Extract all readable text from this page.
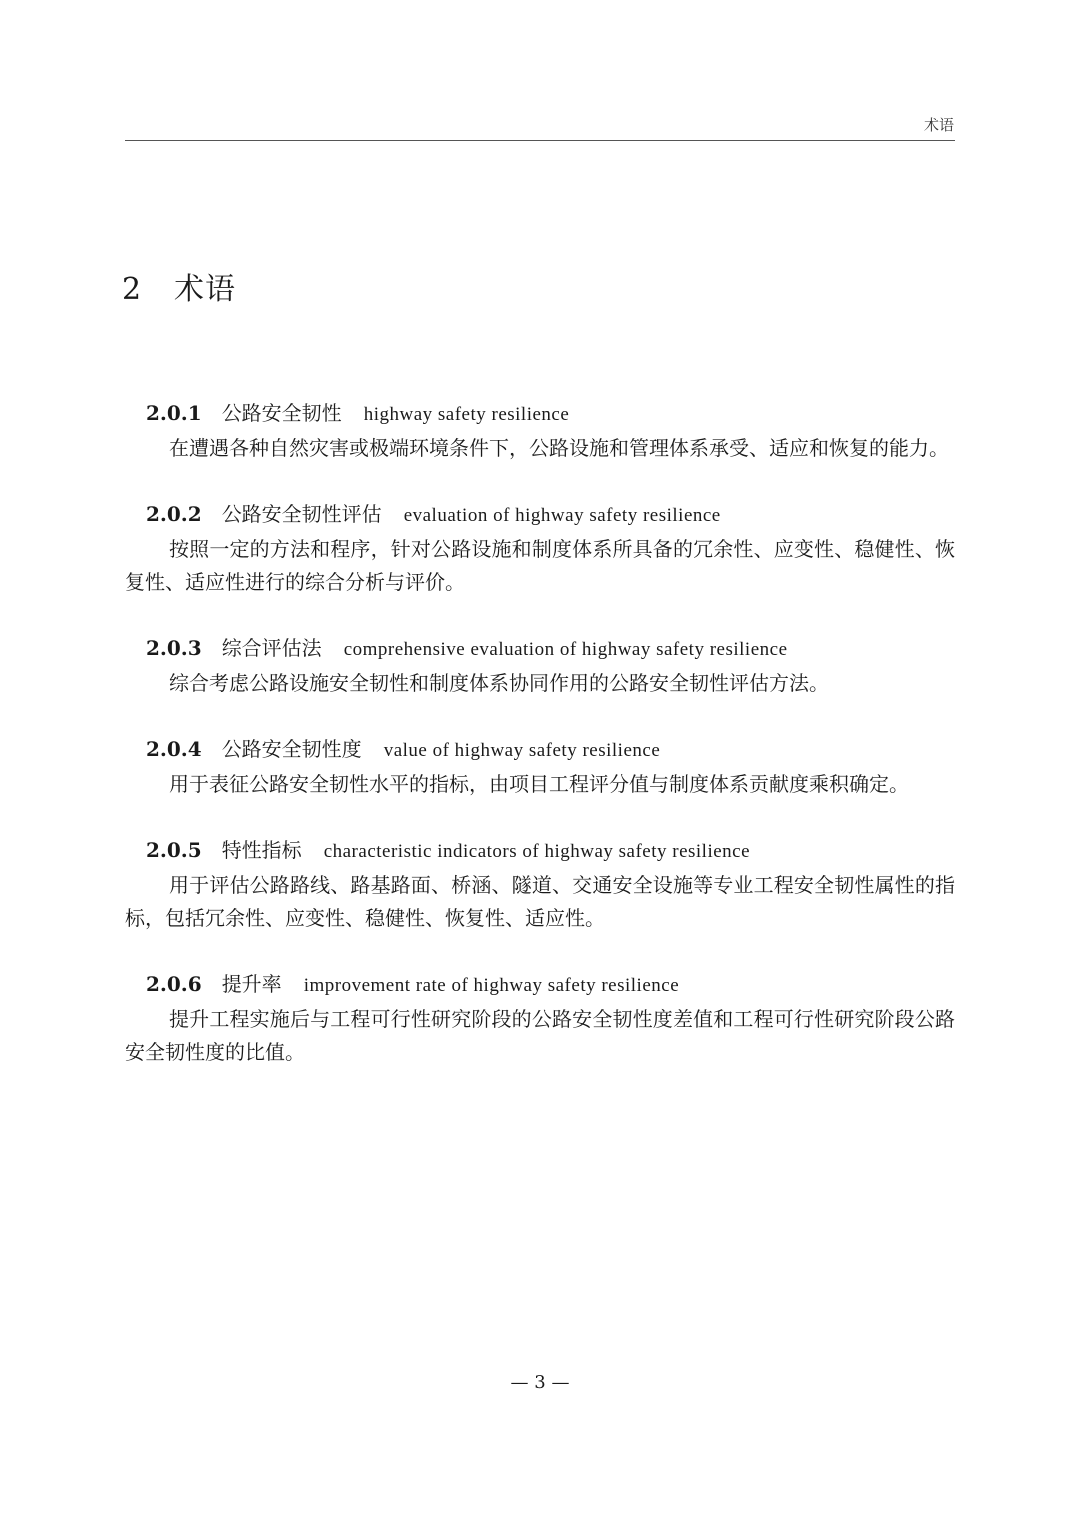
术语
2 术语
2.0.1 公路安全韧性 highway safety resilience
在遭遇各种自然灾害或极端环境条件下，公路设施和管理体系承受、适应和恢复的能力。
2.0.2 公路安全韧性评估 evaluation of highway safety resilience
按照一定的方法和程序，针对公路设施和制度体系所具备的冗余性、应变性、稳健性、恢复性、适应性进行的综合分析与评价。
2.0.3 综合评估法 comprehensive evaluation of highway safety resilience
综合考虑公路设施安全韧性和制度体系协同作用的公路安全韧性评估方法。
2.0.4 公路安全韧性度 value of highway safety resilience
用于表征公路安全韧性水平的指标，由项目工程评分值与制度体系贡献度乘积确定。
2.0.5 特性指标 characteristic indicators of highway safety resilience
用于评估公路路线、路基路面、桥涵、隧道、交通安全设施等专业工程安全韧性属性的指标，包括冗余性、应变性、稳健性、恢复性、适应性。
2.0.6 提升率 improvement rate of highway safety resilience
提升工程实施后与工程可行性研究阶段的公路安全韧性度差值和工程可行性研究阶段公路安全韧性度的比值。
— 3 —
